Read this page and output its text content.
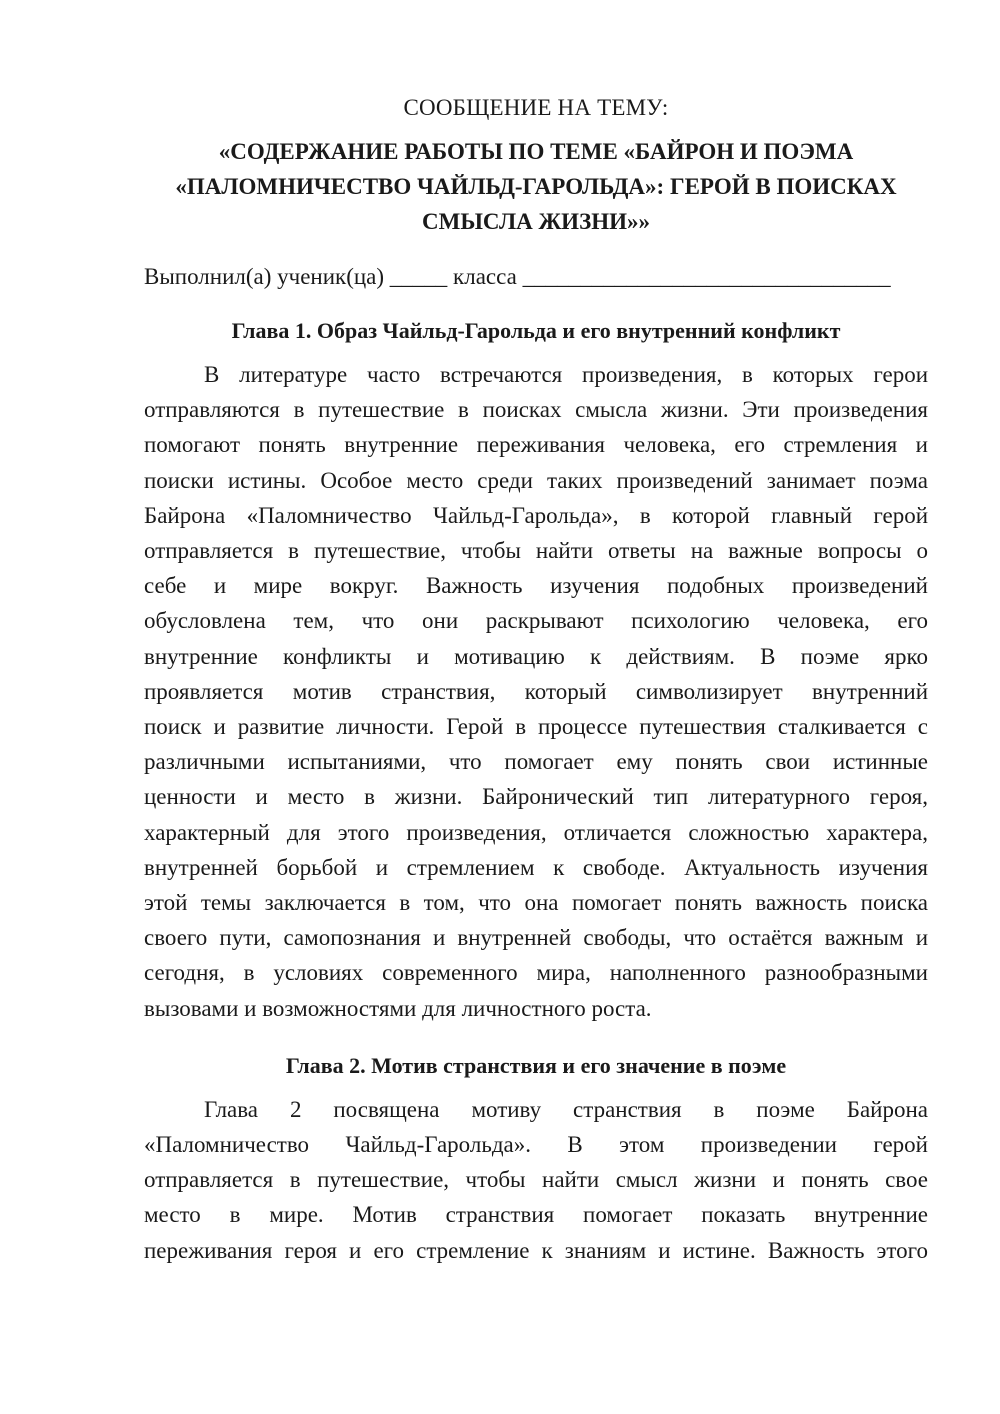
СООБЩЕНИЕ НА ТЕМУ:
«СОДЕРЖАНИЕ РАБОТЫ ПО ТЕМЕ «БАЙРОН И ПОЭМА
«ПАЛОМНИЧЕСТВО ЧАЙЛЬД-ГАРОЛЬДА»: ГЕРОЙ В ПОИСКАХ
СМЫСЛА ЖИЗНИ»»
Выполнил(а) ученик(ца) _____ класса ________________________________
Глава 1. Образ Чайльд-Гарольда и его внутренний конфликт
В литературе часто встречаются произведения, в которых герои
отправляются в путешествие в поисках смысла жизни. Эти произведения
помогают понять внутренние переживания человека, его стремления и
поиски истины. Особое место среди таких произведений занимает поэма
Байрона «Паломничество Чайльд-Гарольда», в которой главный герой
отправляется в путешествие, чтобы найти ответы на важные вопросы о
себе и мире вокруг. Важность изучения подобных произведений
обусловлена тем, что они раскрывают психологию человека, его
внутренние конфликты и мотивацию к действиям. В поэме ярко
проявляется мотив странствия, который символизирует внутренний
поиск и развитие личности. Герой в процессе путешествия сталкивается с
различными испытаниями, что помогает ему понять свои истинные
ценности и место в жизни. Байронический тип литературного героя,
характерный для этого произведения, отличается сложностью характера,
внутренней борьбой и стремлением к свободе. Актуальность изучения
этой темы заключается в том, что она помогает понять важность поиска
своего пути, самопознания и внутренней свободы, что остаётся важным и
сегодня, в условиях современного мира, наполненного разнообразными
вызовами и возможностями для личностного роста.
Глава 2. Мотив странствия и его значение в поэме
Глава 2 посвящена мотиву странствия в поэме Байрона
«Паломничество Чайльд-Гарольда». В этом произведении герой
отправляется в путешествие, чтобы найти смысл жизни и понять свое
место в мире. Мотив странствия помогает показать внутренние
переживания героя и его стремление к знаниям и истине. Важность этого
